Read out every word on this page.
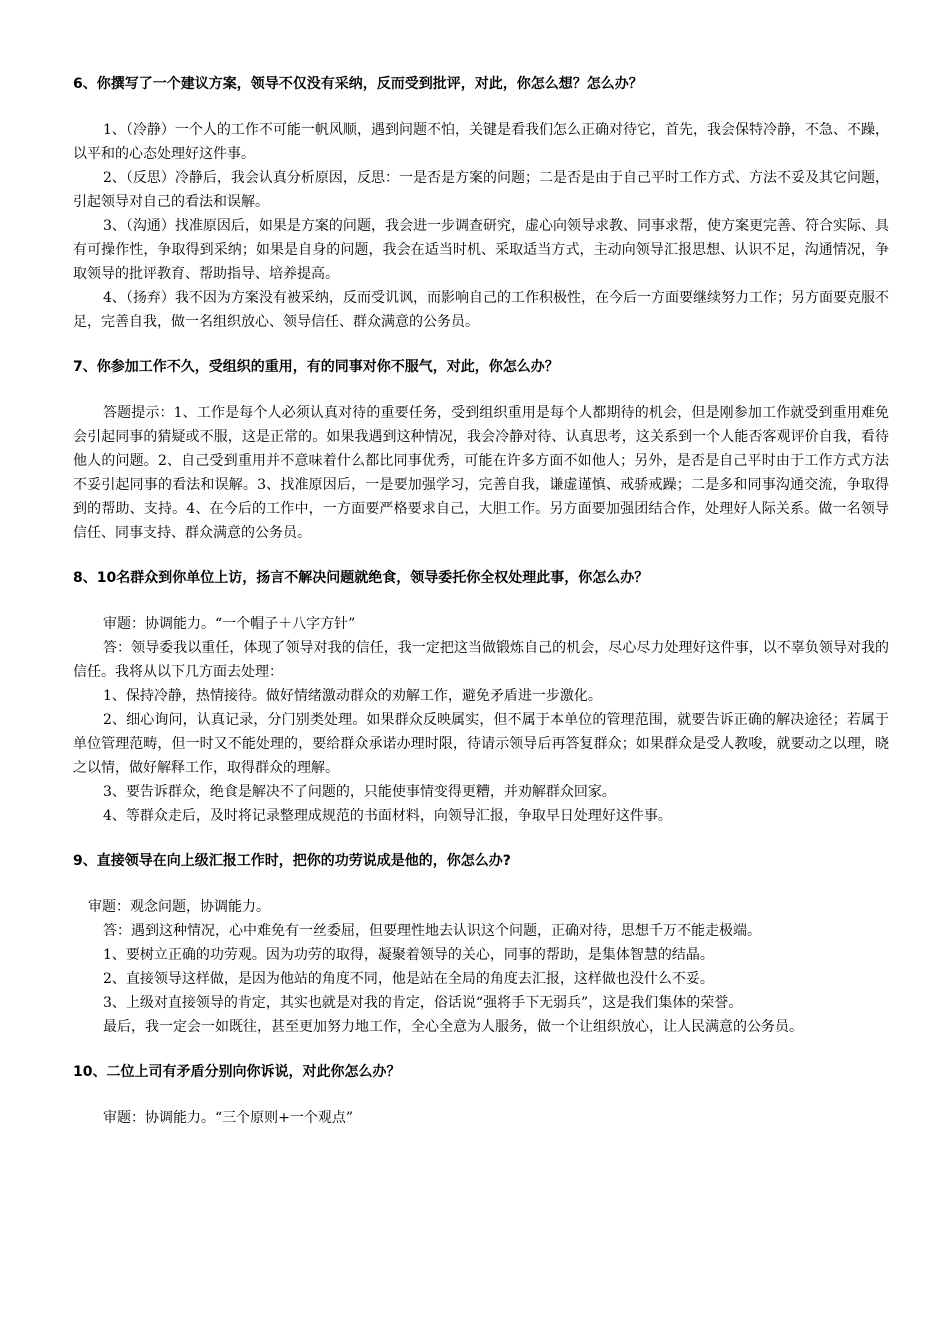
6、你撰写了一个建议方案，领导不仅没有采纳，反而受到批评，对此，你怎么想？怎么办？

1、（冷静）一个人的工作不可能一帆风顺，遇到问题不怕，关键是看我们怎么正确对待它，首先，我会保特冷静，不急、不躁，以平和的心态处理好这件事。

2、（反思）冷静后，我会认真分析原因，反思：一是否是方案的问题；二是否是由于自己平时工作方式、方法不妥及其它问题，引起领导对自己的看法和误解。

3、（沟通）找准原因后，如果是方案的问题，我会进一步调查研究，虚心向领导求教、同事求帮，使方案更完善、符合实际、具有可操作性，争取得到采纳；如果是自身的问题，我会在适当时机、采取适当方式，主动向领导汇报思想、认识不足，沟通情况，争取领导的批评教育、帮助指导、培养提高。

4、（扬弃）我不因为方案没有被采纳，反而受讥讽，而影响自己的工作积极性，在今后一方面要继续努力工作；另方面要克服不足，完善自我，做一名组织放心、领导信任、群众满意的公务员。

7、你参加工作不久，受组织的重用，有的同事对你不服气，对此，你怎么办？

答题提示：1、工作是每个人必须认真对待的重要任务，受到组织重用是每个人都期待的机会，但是刚参加工作就受到重用难免会引起同事的猜疑或不服，这是正常的。如果我遇到这种情况，我会冷静对待、认真思考，这关系到一个人能否客观评价自我，看待他人的问题。2、自己受到重用并不意味着什么都比同事优秀，可能在许多方面不如他人；另外，是否是自己平时由于工作方式方法不妥引起同事的看法和误解。3、找准原因后，一是要加强学习，完善自我，谦虚谨慎、戒骄戒躁；二是多和同事沟通交流，争取得到的帮助、支持。4、在今后的工作中，一方面要严格要求自己，大胆工作。另方面要加强团结合作，处理好人际关系。做一名领导信任、同事支持、群众满意的公务员。

8、10名群众到你单位上访，扬言不解决问题就绝食，领导委托你全权处理此事，你怎么办？

审题：协调能力。“一个帽子＋八字方针”

答：领导委我以重任，体现了领导对我的信任，我一定把这当做锻炼自己的机会，尽心尽力处理好这件事，以不辜负领导对我的信任。我将从以下几方面去处理：

1、保持冷静，热情接待。做好情绪激动群众的劝解工作，避免矛盾进一步激化。

2、细心询问，认真记录，分门别类处理。如果群众反映属实，但不属于本单位的管理范围，就要告诉正确的解决途径；若属于单位管理范畴，但一时又不能处理的，要给群众承诺办理时限，待请示领导后再答复群众；如果群众是受人教唆，就要动之以理，晓之以情，做好解释工作，取得群众的理解。

3、要告诉群众，绝食是解决不了问题的，只能使事情变得更糟，并劝解群众回家。

4、等群众走后，及时将记录整理成规范的书面材料，向领导汇报，争取早日处理好这件事。

9、直接领导在向上级汇报工作时，把你的功劳说成是他的，你怎么办?

审题：观念问题，协调能力。

答：遇到这种情况，心中难免有一丝委屈，但要理性地去认识这个问题，正确对待，思想千万不能走极端。

1、要树立正确的功劳观。因为功劳的取得，凝聚着领导的关心，同事的帮助，是集体智慧的结晶。

2、直接领导这样做，是因为他站的角度不同，他是站在全局的角度去汇报，这样做也没什么不妥。

3、上级对直接领导的肯定，其实也就是对我的肯定，俗话说“强将手下无弱兵”，这是我们集体的荣誉。

最后，我一定会一如既往，甚至更加努力地工作，全心全意为人服务，做一个让组织放心，让人民满意的公务员。

10、二位上司有矛盾分别向你诉说，对此你怎么办？

审题：协调能力。“三个原则+一个观点”
